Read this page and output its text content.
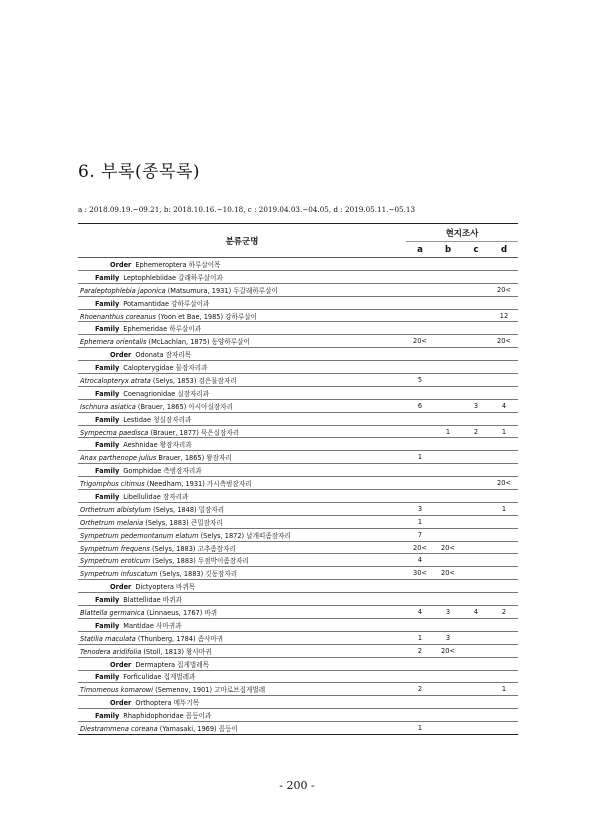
6. 부록(종목록)
a : 2018.09.19.~09.21, b: 2018.10.16.~10.18, c : 2019.04.03.~04.05, d : 2019.05.11.~05.13
분류군명	현지조사			
	a	b	c	d
Order Ephemeroptera 하루살이목				
Family Leptophlebiidae 갈래하루살이과				
Paraleptophlebia japonica (Matsumura, 1931) 두갈래하루살이				20<
Family Potamantidae 강하루살이과				
Rhoenanthus coreanus (Yoon et Bae, 1985) 강하루살이				12
Family Ephemeridae 하루살이과				
Ephemera orientalis (McLachlan, 1875) 동양하루살이	20<			20<
Order Odonata 잠자리목				
Family Calopterygidae 물잠자리과				
Atrocalopteryx atrata (Selys, 1853) 검은물잠자리	5			
Family Coenagrionidae 실잠자리과				
Ischnura asiatica (Brauer, 1865) 아시아실잠자리	6		3	4
Family Lestidae 청실잠자리과				
Sympecma paedisca (Brauer, 1877) 묵은실잠자리		1	2	1
Family Aeshnidae 왕잠자리과				
Anax parthenope julius Brauer, 1865) 왕잠자리	1			
Family Gomphidae 측범잠자리과				
Trigomphus citimus (Needham, 1931) 가시측범잠자리				20<
Family Libellulidae 잠자리과				
Orthetrum albistylum (Selys, 1848) 밀잠자리	3			1
Orthetrum melania (Selys, 1883) 큰밀잠자리	1			
Sympetrum pedemontanum elatum (Selys, 1872) 날개띠좀잠자리	7			
Sympetrum frequens (Selys, 1883) 고추좀잠자리	20<	20<		
Sympetrum eroticum (Selys, 1883) 두점박이좀잠자리	4			
Sympetrum infuscatum (Selys, 1883) 깃동잠자리	30<	20<		
Order Dictyoptera 바퀴목				
Family Blattellidae 바퀴과				
Blattella germanica (Linnaeus, 1767) 바퀴	4	3	4	2
Family Mantidae 사마귀과				
Statilia maculata (Thunberg, 1784) 좀사마귀	1	3		
Tenodera aridifolia (Stoll, 1813) 왕사마귀	2	20<		
Order Dermaptera 집게벌레목				
Family Forficulidae 집게벌레과				
Timomenus komarowi (Semenov, 1901) 고마로브집게벌레	2			1
Order Orthoptera 메뚜기목				
Family Rhaphidophoridae 꼽등이과				
Diestrammena coreana (Yamasaki, 1969) 꼽등이	1			
- 200 -
